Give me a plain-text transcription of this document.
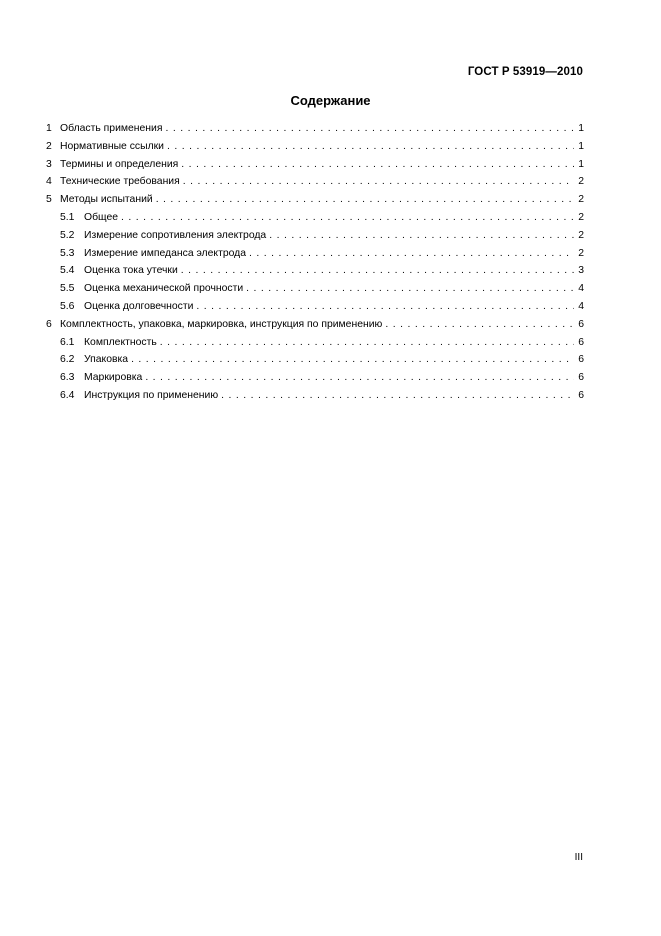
ГОСТ Р 53919—2010
Содержание
1 Область применения . . .	1
2 Нормативные ссылки . . .	1
3 Термины и определения . . .	1
4 Технические требования . . .	2
5 Методы испытаний . . .	2
5.1 Общее . . .	2
5.2 Измерение сопротивления электрода . . .	2
5.3 Измерение импеданса электрода . . .	2
5.4 Оценка тока утечки . . .	3
5.5 Оценка механической прочности . . .	4
5.6 Оценка долговечности . . .	4
6 Комплектность, упаковка, маркировка, инструкция по применению . . .	6
6.1 Комплектность . . .	6
6.2 Упаковка . . .	6
6.3 Маркировка . . .	6
6.4 Инструкция по применению . . .	6
III
